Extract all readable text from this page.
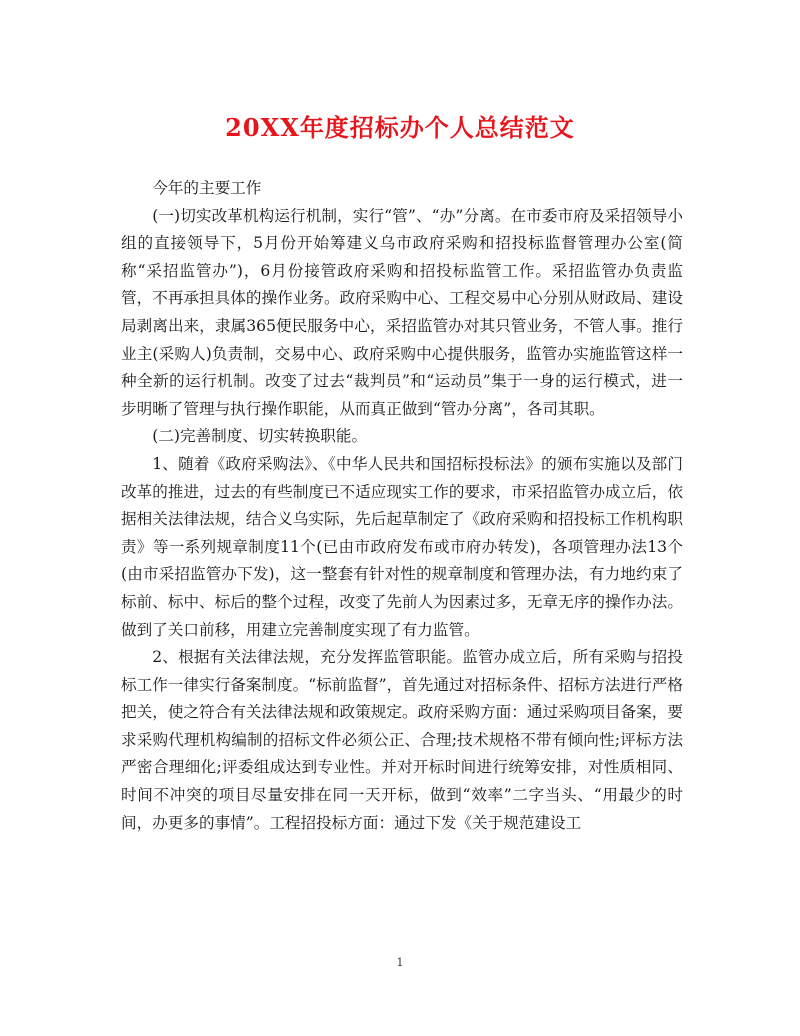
20XX年度招标办个人总结范文

今年的主要工作

(一)切实改革机构运行机制，实行“管”、“办”分离。在市委市府及采招领导小组的直接领导下，5月份开始筹建义乌市政府采购和招投标监督管理办公室(简称“采招监管办”)，6月份接管政府采购和招投标监管工作。采招监管办负责监管，不再承担具体的操作业务。政府采购中心、工程交易中心分别从财政局、建设局剥离出来，隶属365便民服务中心，采招监管办对其只管业务，不管人事。推行业主(采购人)负责制，交易中心、政府采购中心提供服务，监管办实施监管这样一种全新的运行机制。改变了过去“裁判员”和“运动员”集于一身的运行模式，进一步明晰了管理与执行操作职能，从而真正做到“管办分离”，各司其职。

(二)完善制度、切实转换职能。

1、随着《政府采购法》、《中华人民共和国招标投标法》的颁布实施以及部门改革的推进，过去的有些制度已不适应现实工作的要求，市采招监管办成立后，依据相关法律法规，结合义乌实际，先后起草制定了《政府采购和招投标工作机构职责》等一系列规章制度11个(已由市政府发布或市府办转发)，各项管理办法13个(由市采招监管办下发)，这一整套有针对性的规章制度和管理办法，有力地约束了标前、标中、标后的整个过程，改变了先前人为因素过多，无章无序的操作办法。做到了关口前移，用建立完善制度实现了有力监管。

2、根据有关法律法规，充分发挥监管职能。监管办成立后，所有采购与招投标工作一律实行备案制度。“标前监督”，首先通过对招标条件、招标方法进行严格把关，使之符合有关法律法规和政策规定。政府采购方面：通过采购项目备案，要求采购代理机构编制的招标文件必须公正、合理;技术规格不带有倾向性;评标方法严密合理细化;评委组成达到专业性。并对开标时间进行统筹安排，对性质相同、时间不冲突的项目尽量安排在同一天开标，做到“效率”二字当头、“用最少的时间，办更多的事情”。工程招投标方面：通过下发《关于规范建设工

1
